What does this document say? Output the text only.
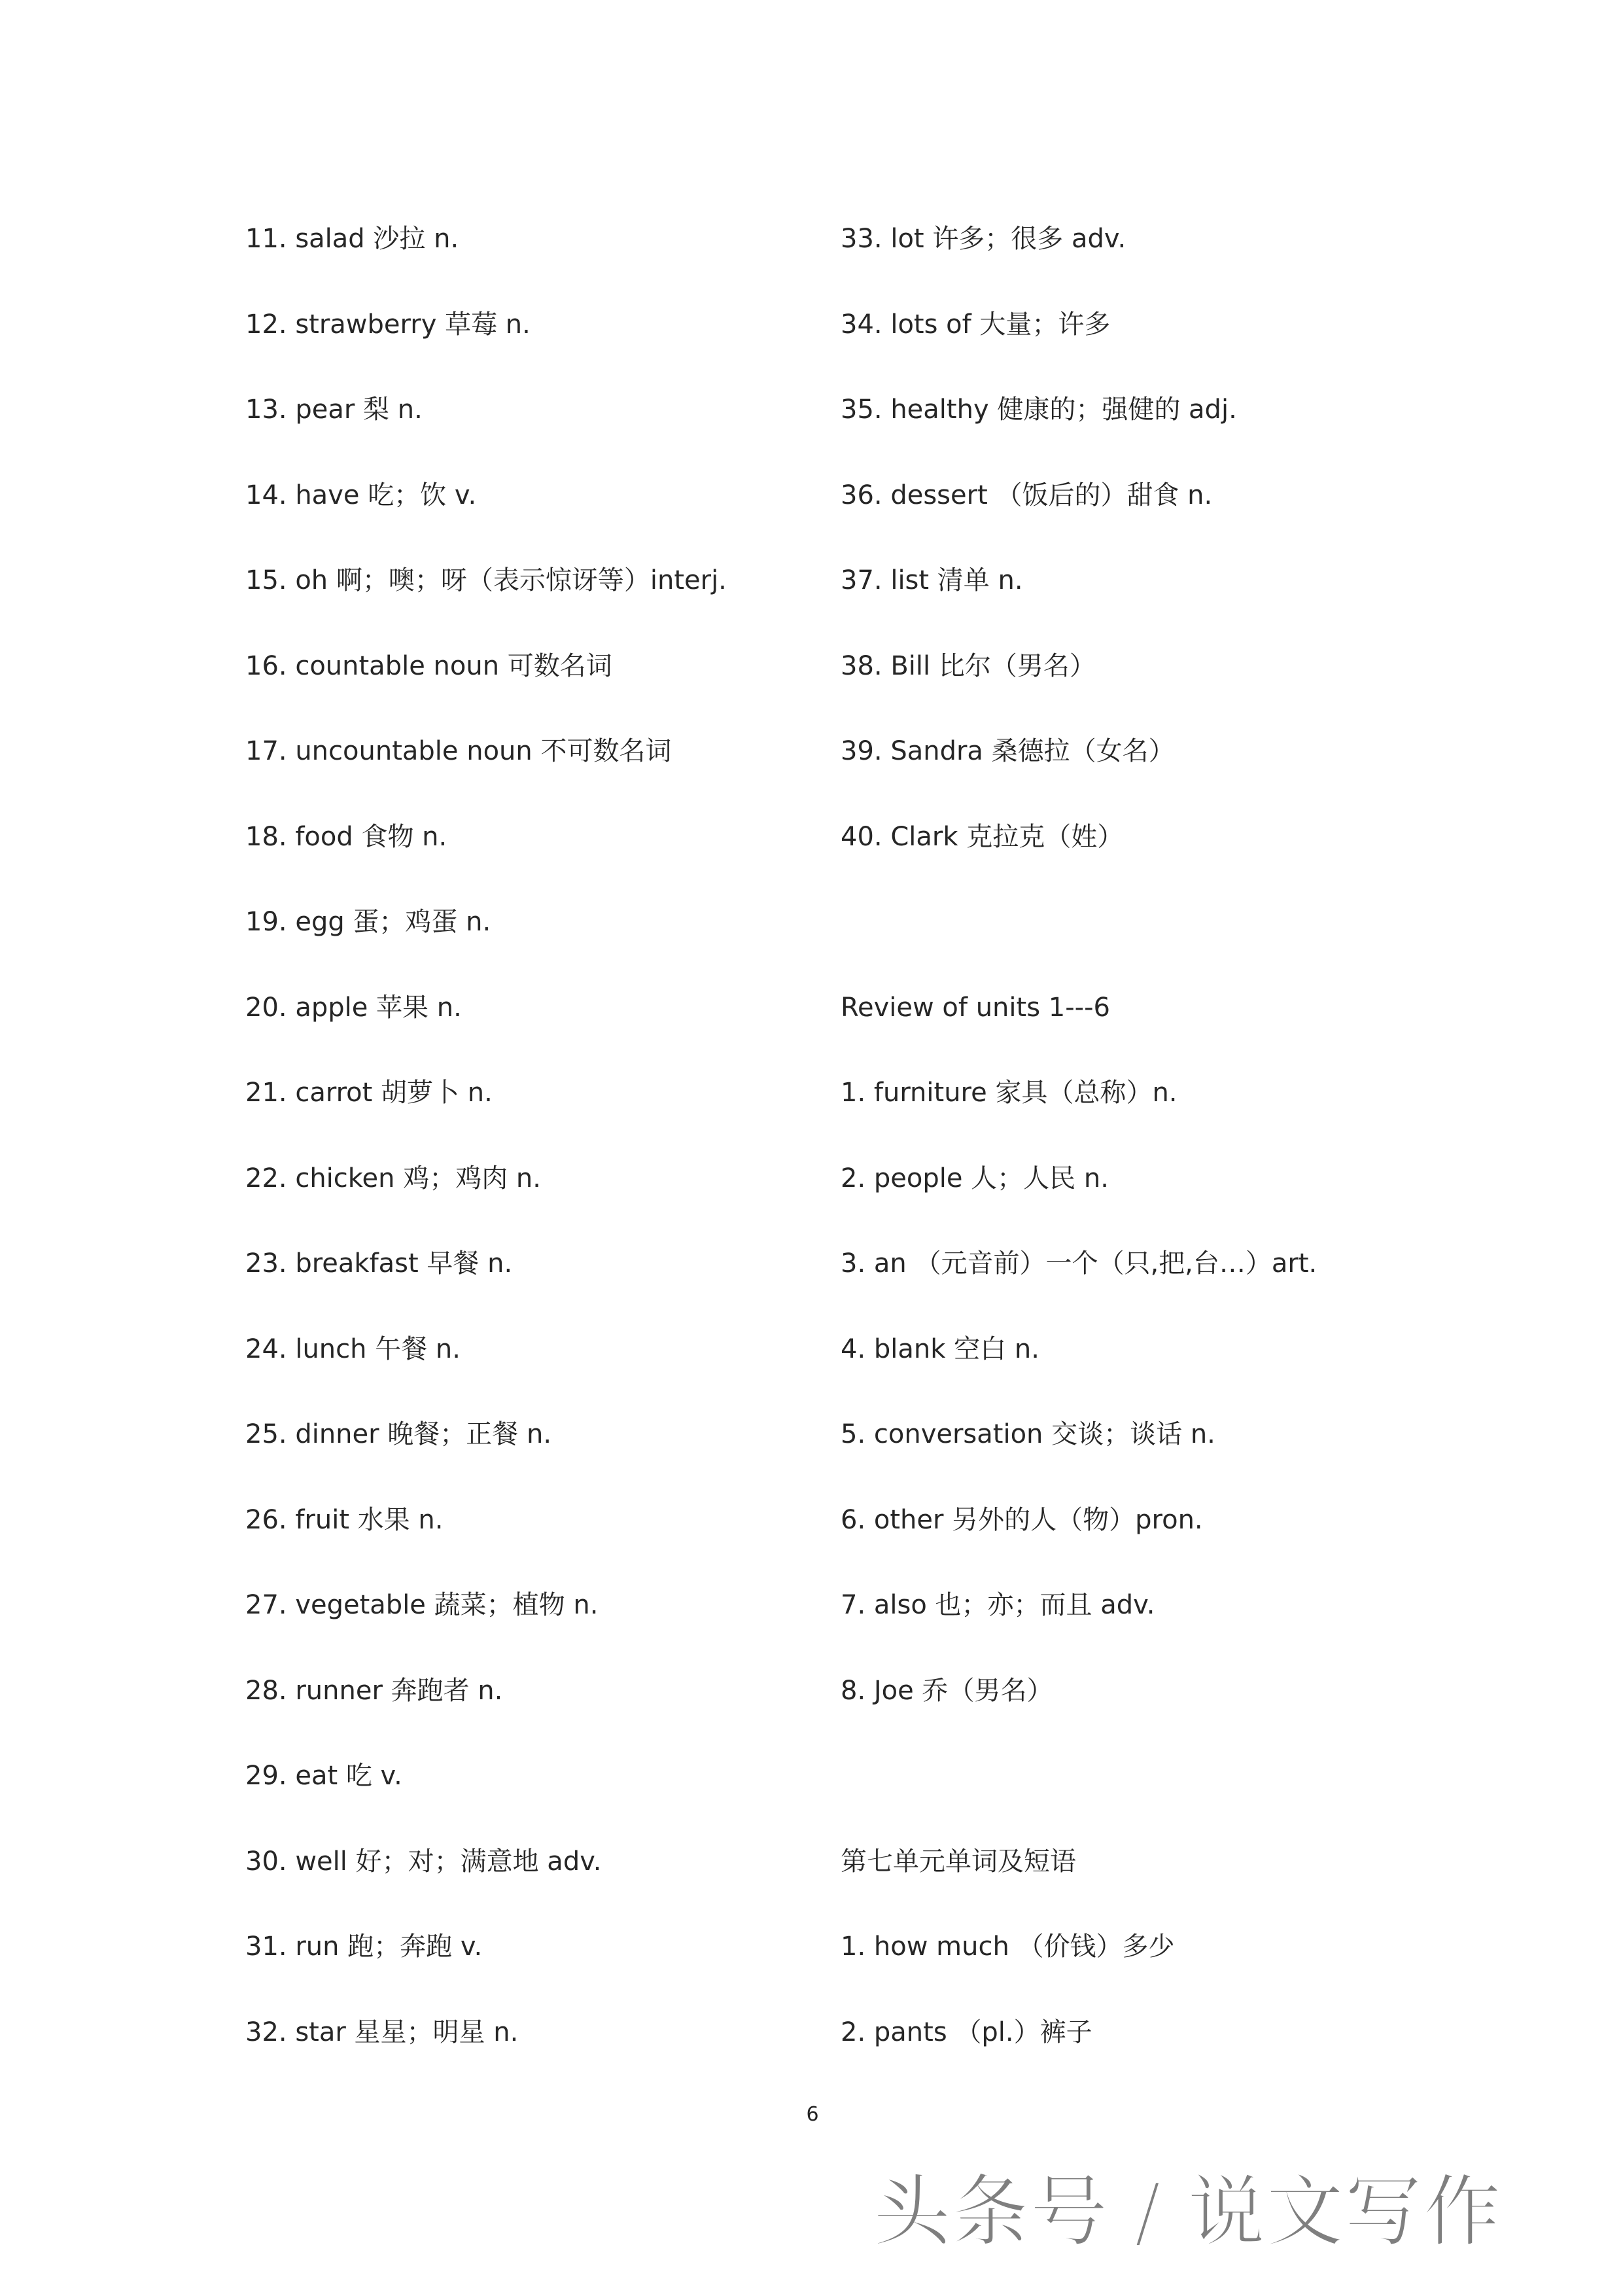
11. salad 沙拉 n.
12. strawberry 草莓 n.
13. pear 梨 n.
14. have 吃；饮 v.
15. oh 啊；噢；呀（表示惊讶等）interj.
16. countable noun 可数名词
17. uncountable noun 不可数名词
18. food 食物 n.
19. egg 蛋；鸡蛋 n.
20. apple 苹果 n.
21. carrot 胡萝卜 n.
22. chicken 鸡；鸡肉 n.
23. breakfast 早餐 n.
24. lunch 午餐 n.
25. dinner 晚餐；正餐 n.
26. fruit 水果 n.
27. vegetable 蔬菜；植物 n.
28. runner 奔跑者 n.
29. eat 吃 v.
30. well 好；对；满意地 adv.
31. run 跑；奔跑 v.
32. star 星星；明星 n.
33. lot 许多；很多 adv.
34. lots of 大量；许多
35. healthy 健康的；强健的 adj.
36. dessert （饭后的）甜食 n.
37. list 清单 n.
38. Bill 比尔（男名）
39. Sandra 桑德拉（女名）
40. Clark 克拉克（姓）
Review of units 1---6
1. furniture 家具（总称）n.
2. people 人；人民 n.
3. an （元音前）一个（只,把,台…）art.
4. blank 空白 n.
5. conversation 交谈；谈话 n.
6. other 另外的人（物）pron.
7. also 也；亦；而且 adv.
8. Joe 乔（男名）
第七单元单词及短语
1. how much （价钱）多少
2. pants （pl.）裤子
6
头条号 / 说文写作
